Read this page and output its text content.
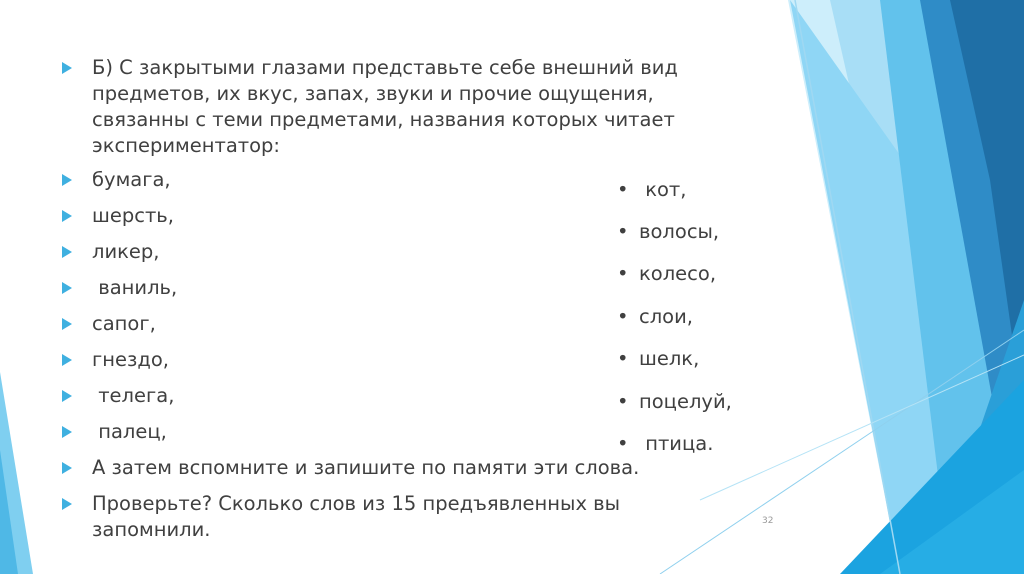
Б) С закрытыми глазами представьте себе внешний вид
предметов, их вкус, запах, звуки и прочие ощущения,
связанны с теми предметами, названия которых читает
экспериментатор:
бумага,
шерсть,
ликер,
ваниль,
сапог,
гнездо,
телега,
палец,
А затем вспомните и запишите по памяти эти слова.
Проверьте? Сколько слов из 15 предъявленных вы
запомнили.
• кот,
• волосы,
• колесо,
• слои,
• шелк,
• поцелуй,
• птица.
32
